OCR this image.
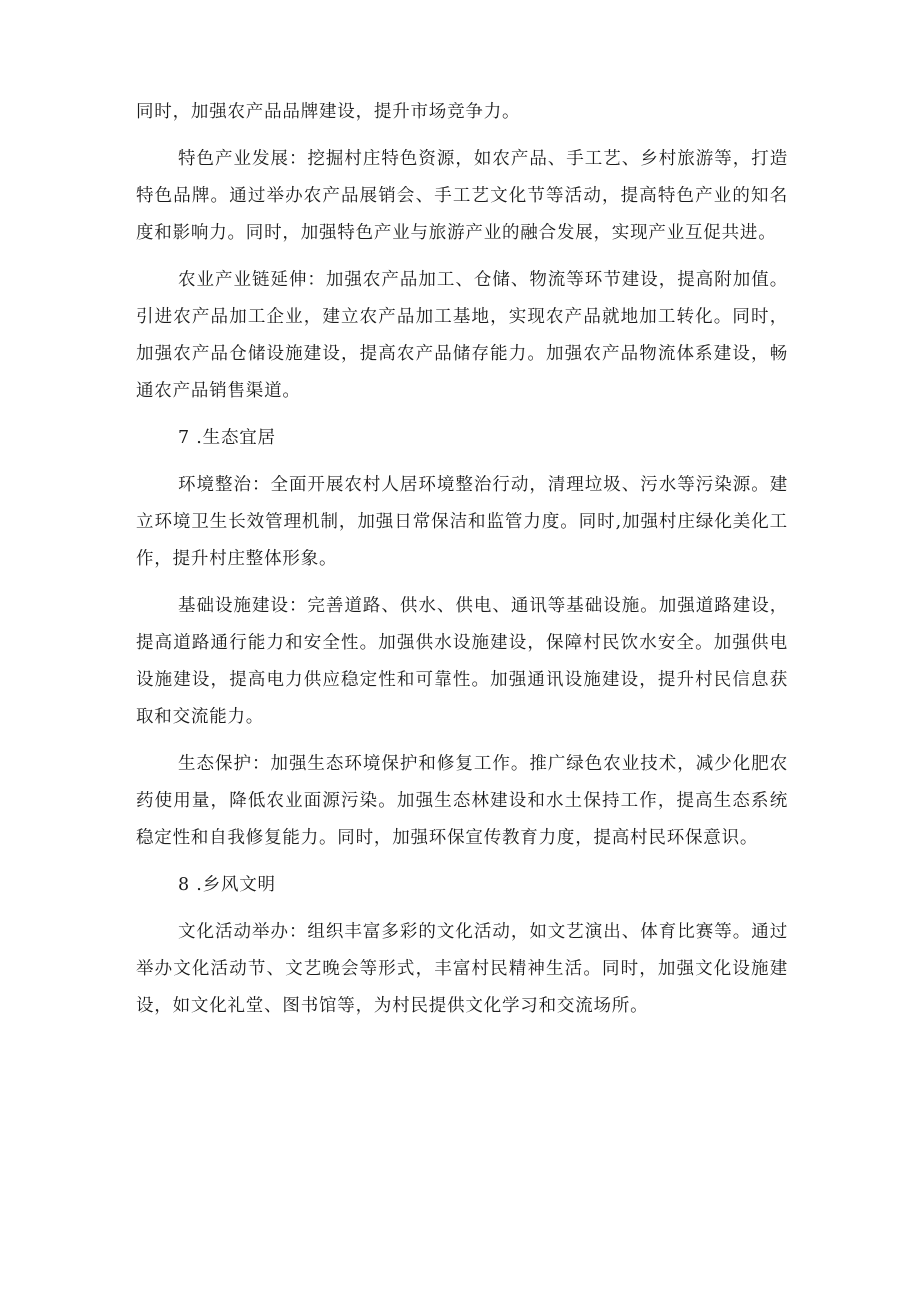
同时，加强农产品品牌建设，提升市场竞争力。

特色产业发展：挖掘村庄特色资源，如农产品、手工艺、乡村旅游等，打造特色品牌。通过举办农产品展销会、手工艺文化节等活动，提高特色产业的知名度和影响力。同时，加强特色产业与旅游产业的融合发展，实现产业互促共进。

农业产业链延伸：加强农产品加工、仓储、物流等环节建设，提高附加值。引进农产品加工企业，建立农产品加工基地，实现农产品就地加工转化。同时，加强农产品仓储设施建设，提高农产品储存能力。加强农产品物流体系建设，畅通农产品销售渠道。

7 .生态宜居

环境整治：全面开展农村人居环境整治行动，清理垃圾、污水等污染源。建立环境卫生长效管理机制，加强日常保洁和监管力度。同时,加强村庄绿化美化工作，提升村庄整体形象。

基础设施建设：完善道路、供水、供电、通讯等基础设施。加强道路建设，提高道路通行能力和安全性。加强供水设施建设，保障村民饮水安全。加强供电设施建设，提高电力供应稳定性和可靠性。加强通讯设施建设，提升村民信息获取和交流能力。

生态保护：加强生态环境保护和修复工作。推广绿色农业技术，减少化肥农药使用量，降低农业面源污染。加强生态林建设和水土保持工作，提高生态系统稳定性和自我修复能力。同时，加强环保宣传教育力度，提高村民环保意识。

8 .乡风文明

文化活动举办：组织丰富多彩的文化活动，如文艺演出、体育比赛等。通过举办文化活动节、文艺晚会等形式，丰富村民精神生活。同时，加强文化设施建设，如文化礼堂、图书馆等，为村民提供文化学习和交流场所。
